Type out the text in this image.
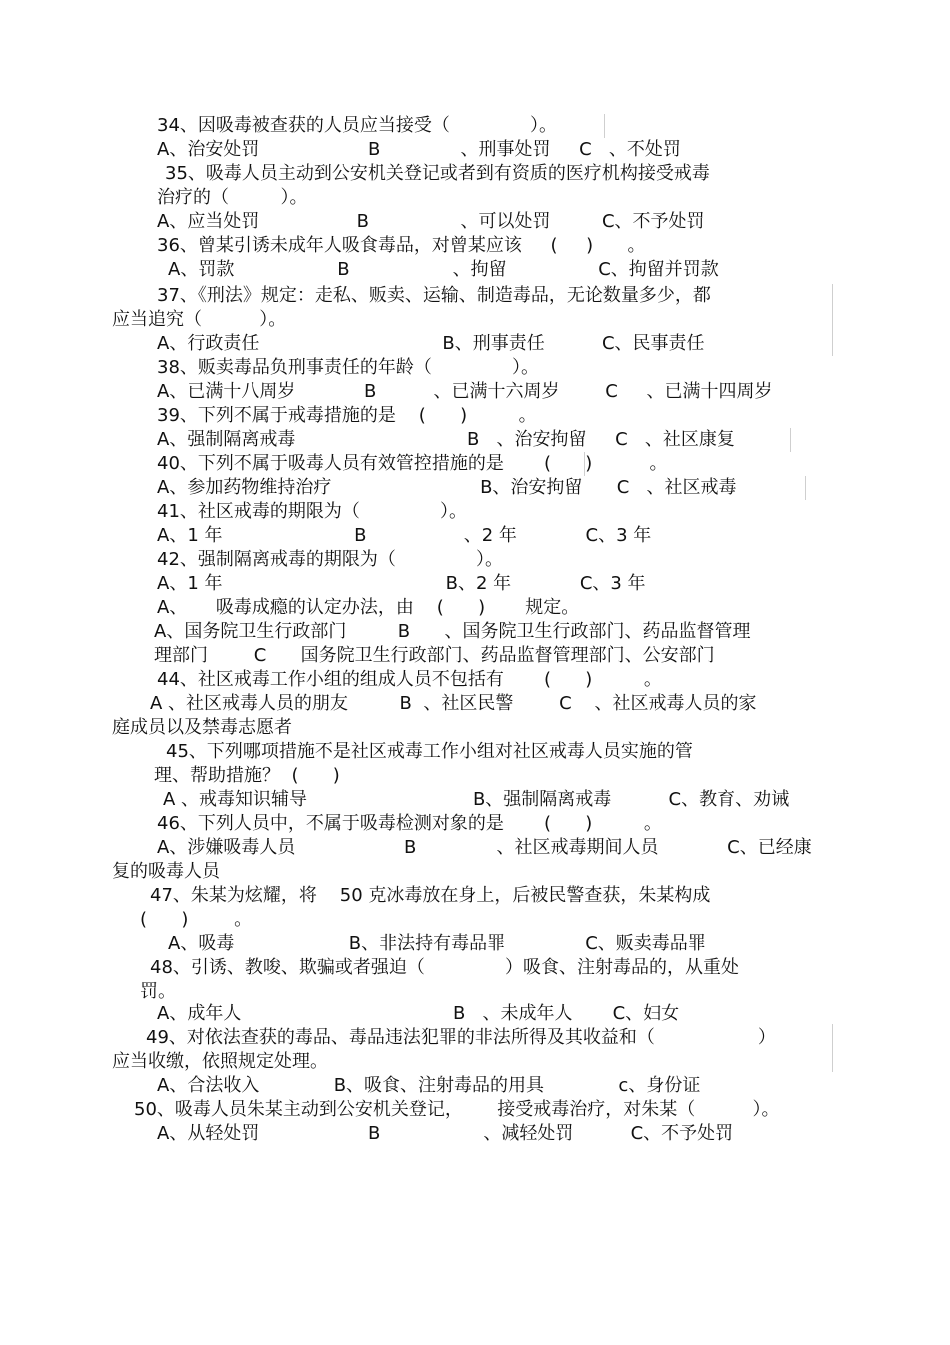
34、因吸毒被查获的人员应当接受（              ）。
A、治安处罚                   B              、刑事处罚     C   、不处罚
35、吸毒人员主动到公安机关登记或者到有资质的医疗机构接受戒毒
治疗的（         ）。
A、应当处罚                 B                、可以处罚         C、不予处罚
36、曾某引诱未成年人吸食毒品，对曾某应该     (     )      。
A、罚款                  B                  、拘留                C、拘留并罚款
37、《刑法》规定：走私、贩卖、运输、制造毒品，无论数量多少，都
应当追究（          ）。
A、行政责任                                B、刑事责任          C、民事责任
38、贩卖毒品负刑事责任的年龄（              ）。
A、已满十八周岁            B          、已满十六周岁        C     、已满十四周岁
39、下列不属于戒毒措施的是    (      )         。
A、强制隔离戒毒                              B   、治安拘留     C   、社区康复
40、下列不属于吸毒人员有效管控措施的是       (      )          。
A、参加药物维持治疗                          B、治安拘留      C   、社区戒毒
41、社区戒毒的期限为（              ）。
A、1 年                       B                 、2 年            C、3 年
42、强制隔离戒毒的期限为（              ）。
A、1 年                                       B、2 年            C、3 年
A、     吸毒成瘾的认定办法，由    (      )       规定。
A、国务院卫生行政部门         B      、国务院卫生行政部门、药品监督管理
理部门        C      国务院卫生行政部门、药品监督管理部门、公安部门
44、社区戒毒工作小组的组成人员不包括有       (      )         。
A 、社区戒毒人员的朋友         B  、社区民警        C    、社区戒毒人员的家
庭成员以及禁毒志愿者
45、下列哪项措施不是社区戒毒工作小组对社区戒毒人员实施的管
理、帮助措施？  (      )
A 、戒毒知识辅导                             B、强制隔离戒毒          C、教育、劝诫
46、下列人员中，不属于吸毒检测对象的是       (      )         。
A、涉嫌吸毒人员                   B              、社区戒毒期间人员            C、已经康
复的吸毒人员
47、朱某为炫耀，将    50 克冰毒放在身上，后被民警查获，朱某构成
(      )        。
A、吸毒                    B、非法持有毒品罪              C、贩卖毒品罪
48、引诱、教唆、欺骗或者强迫（              ）吸食、注射毒品的，从重处
罚。
A、成年人                                     B   、未成年人       C、妇女
49、对依法查获的毒品、毒品违法犯罪的非法所得及其收益和（                  ）
应当收缴，依照规定处理。
A、合法收入             B、吸食、注射毒品的用具             c、身份证
50、吸毒人员朱某主动到公安机关登记，      接受戒毒治疗，对朱某（          ）。
A、从轻处罚                   B                  、减轻处罚          C、不予处罚
